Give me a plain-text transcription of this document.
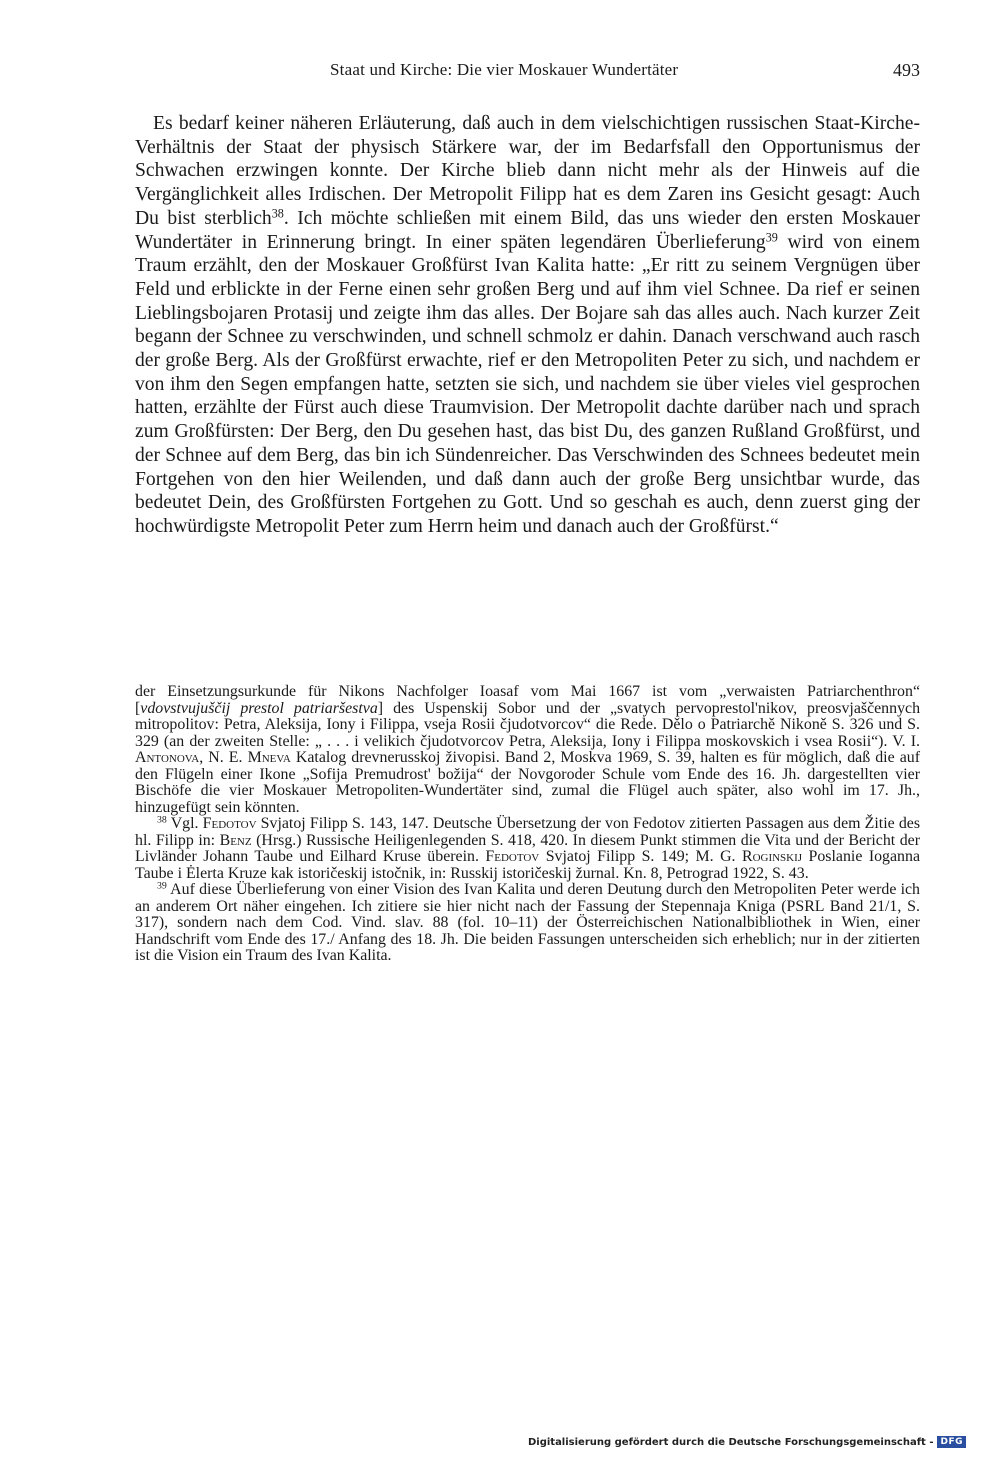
Staat und Kirche: Die vier Moskauer Wundertäter	493

Es bedarf keiner näheren Erläuterung, daß auch in dem vielschichtigen russischen Staat-Kirche-Verhältnis der Staat der physisch Stärkere war, der im Bedarfsfall den Opportunismus der Schwachen erzwingen konnte. Der Kirche blieb dann nicht mehr als der Hinweis auf die Vergänglichkeit alles Irdischen. Der Metropolit Filipp hat es dem Zaren ins Gesicht gesagt: Auch Du bist sterblich$^{38}$. Ich möchte schließen mit einem Bild, das uns wieder den ersten Moskauer Wundertäter in Erinnerung bringt. In einer späten legendären Überlieferung$^{39}$ wird von einem Traum erzählt, den der Moskauer Großfürst Ivan Kalita hatte: „Er ritt zu seinem Vergnügen über Feld und erblickte in der Ferne einen sehr großen Berg und auf ihm viel Schnee. Da rief er seinen Lieblingsbojaren Protasij und zeigte ihm das alles. Der Bojare sah das alles auch. Nach kurzer Zeit begann der Schnee zu verschwinden, und schnell schmolz er dahin. Danach verschwand auch rasch der große Berg. Als der Großfürst erwachte, rief er den Metropoliten Peter zu sich, und nachdem er von ihm den Segen empfangen hatte, setzten sie sich, und nachdem sie über vieles viel gesprochen hatten, erzählte der Fürst auch diese Traumvision. Der Metropolit dachte darüber nach und sprach zum Großfürsten: Der Berg, den Du gesehen hast, das bist Du, des ganzen Rußland Großfürst, und der Schnee auf dem Berg, das bin ich Sündenreicher. Das Verschwinden des Schnees bedeutet mein Fortgehen von den hier Weilenden, und daß dann auch der große Berg unsichtbar wurde, das bedeutet Dein, des Großfürsten Fortgehen zu Gott. Und so geschah es auch, denn zuerst ging der hochwürdigste Metropolit Peter zum Herrn heim und danach auch der Großfürst.“

der Einsetzungsurkunde für Nikons Nachfolger Ioasaf vom Mai 1667 ist vom „verwaisten Patriarchenthron“ [vdovstvujuščij prestol patriaršestva] des Uspenskij Sobor und der „svatych pervoprestol'nikov, preosvjaščennych mitropolitov: Petra, Aleksija, Iony i Filippa, vseja Rosii čjudotvorcov“ die Rede. Dělo o Patriarchě Nikoně S. 326 und S. 329 (an der zweiten Stelle: „ . . . i velikich čjudotvorcov Petra, Aleksija, Iony i Filippa moskovskich i vsea Rosii“). V. I. Antonova, N. E. Mneva Katalog drevnerusskoj živopisi. Band 2, Moskva 1969, S. 39, halten es für möglich, daß die auf den Flügeln einer Ikone „Sofija Premudrost' božija“ der Novgoroder Schule vom Ende des 16. Jh. dargestellten vier Bischöfe die vier Moskauer Metropoliten-Wundertäter sind, zumal die Flügel auch später, also wohl im 17. Jh., hinzugefügt sein könnten.

$^{38}$ Vgl. Fedotov Svjatoj Filipp S. 143, 147. Deutsche Übersetzung der von Fedotov zitierten Passagen aus dem Žitie des hl. Filipp in: Benz (Hrsg.) Russische Heiligenlegenden S. 418, 420. In diesem Punkt stimmen die Vita und der Bericht der Livländer Johann Taube und Eilhard Kruse überein. Fedotov Svjatoj Filipp S. 149; M. G. Roginskij Poslanie Ioganna Taube i Ėlerta Kruze kak istoričeskij istočnik, in: Russkij istoričeskij žurnal. Kn. 8, Petrograd 1922, S. 43.

$^{39}$ Auf diese Überlieferung von einer Vision des Ivan Kalita und deren Deutung durch den Metropoliten Peter werde ich an anderem Ort näher eingehen. Ich zitiere sie hier nicht nach der Fassung der Stepennaja Kniga (PSRL Band 21/1, S. 317), sondern nach dem Cod. Vind. slav. 88 (fol. 10–11) der Österreichischen Nationalbibliothek in Wien, einer Handschrift vom Ende des 17./ Anfang des 18. Jh. Die beiden Fassungen unterscheiden sich erheblich; nur in der zitierten ist die Vision ein Traum des Ivan Kalita.

Digitalisierung gefördert durch die Deutsche Forschungsgemeinschaft - DFG
